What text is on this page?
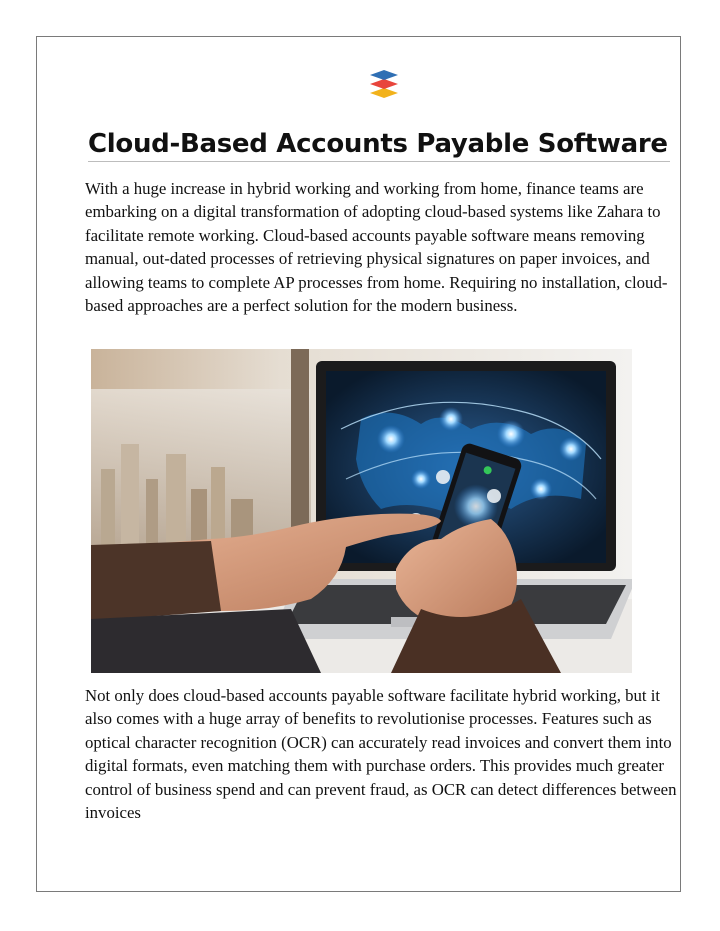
Cloud-Based Accounts Payable Software

With a huge increase in hybrid working and working from home, finance teams are embarking on a digital transformation of adopting cloud-based systems like Zahara to facilitate remote working. Cloud-based accounts payable software means removing manual, out-dated processes of retrieving physical signatures on paper invoices, and allowing teams to complete AP processes from home. Requiring no installation, cloud-based approaches are a perfect solution for the modern business.

Not only does cloud-based accounts payable software facilitate hybrid working, but it also comes with a huge array of benefits to revolutionise processes. Features such as optical character recognition (OCR) can accurately read invoices and convert them into digital formats, even matching them with purchase orders. This provides much greater control of business spend and can prevent fraud, as OCR can detect differences between invoices
